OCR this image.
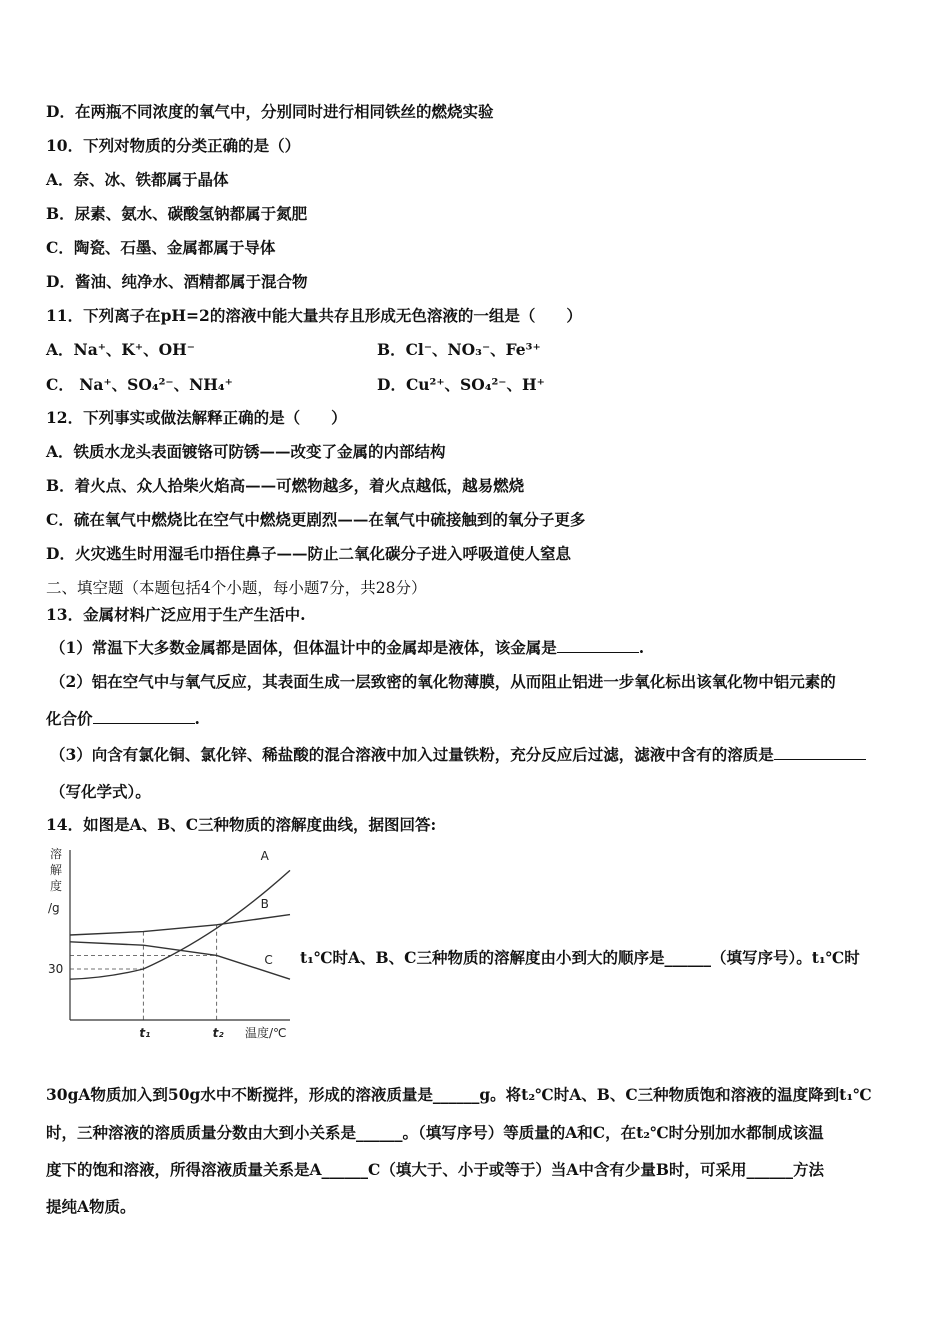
D．在两瓶不同浓度的氧气中，分别同时进行相同铁丝的燃烧实验
10．下列对物质的分类正确的是（）
A．奈、冰、铁都属于晶体
B．尿素、氨水、碳酸氢钠都属于氮肥
C．陶瓷、石墨、金属都属于导体
D．酱油、纯净水、酒精都属于混合物
11．下列离子在pH=2的溶液中能大量共存且形成无色溶液的一组是（　　）
A．Na⁺、K⁺、OH⁻	B．Cl⁻、NO₃⁻、Fe³⁺
C． Na⁺、SO₄²⁻、NH₄⁺	D．Cu²⁺、SO₄²⁻、H⁺
12．下列事实或做法解释正确的是（　　）
A．铁质水龙头表面镀铬可防锈——改变了金属的内部结构
B．着火点、众人拾柴火焰高——可燃物越多，着火点越低，越易燃烧
C．硫在氧气中燃烧比在空气中燃烧更剧烈——在氧气中硫接触到的氧分子更多
D．火灾逃生时用湿毛巾捂住鼻子——防止二氧化碳分子进入呼吸道使人窒息
二、填空题（本题包括4个小题，每小题7分，共28分）
13．金属材料广泛应用于生产生活中.
（1）常温下大多数金属都是固体，但体温计中的金属却是液体，该金属是	.
（2）铝在空气中与氧气反应，其表面生成一层致密的氧化物薄膜，从而阻止铝进一步氧化标出该氧化物中铝元素的
化合价	.
（3）向含有氯化铜、氯化锌、稀盐酸的混合溶液中加入过量铁粉，充分反应后过滤，滤液中含有的溶质是
（写化学式）。
14．如图是A、B、C三种物质的溶解度曲线，据图回答:
溶
解
度
/g
温度/℃
A
B
C
30
t₁	t₂
t₁℃时A、B、C三种物质的溶解度由小到大的顺序是______（填写序号）。t₁℃时
30gA物质加入到50g水中不断搅拌，形成的溶液质量是______g。将t₂℃时A、B、C三种物质饱和溶液的温度降到t₁℃
时，三种溶液的溶质质量分数由大到小关系是______。（填写序号）等质量的A和C，在t₂℃时分别加水都制成该温
度下的饱和溶液，所得溶液质量关系是A______C（填大于、小于或等于）当A中含有少量B时，可采用______方法
提纯A物质。
